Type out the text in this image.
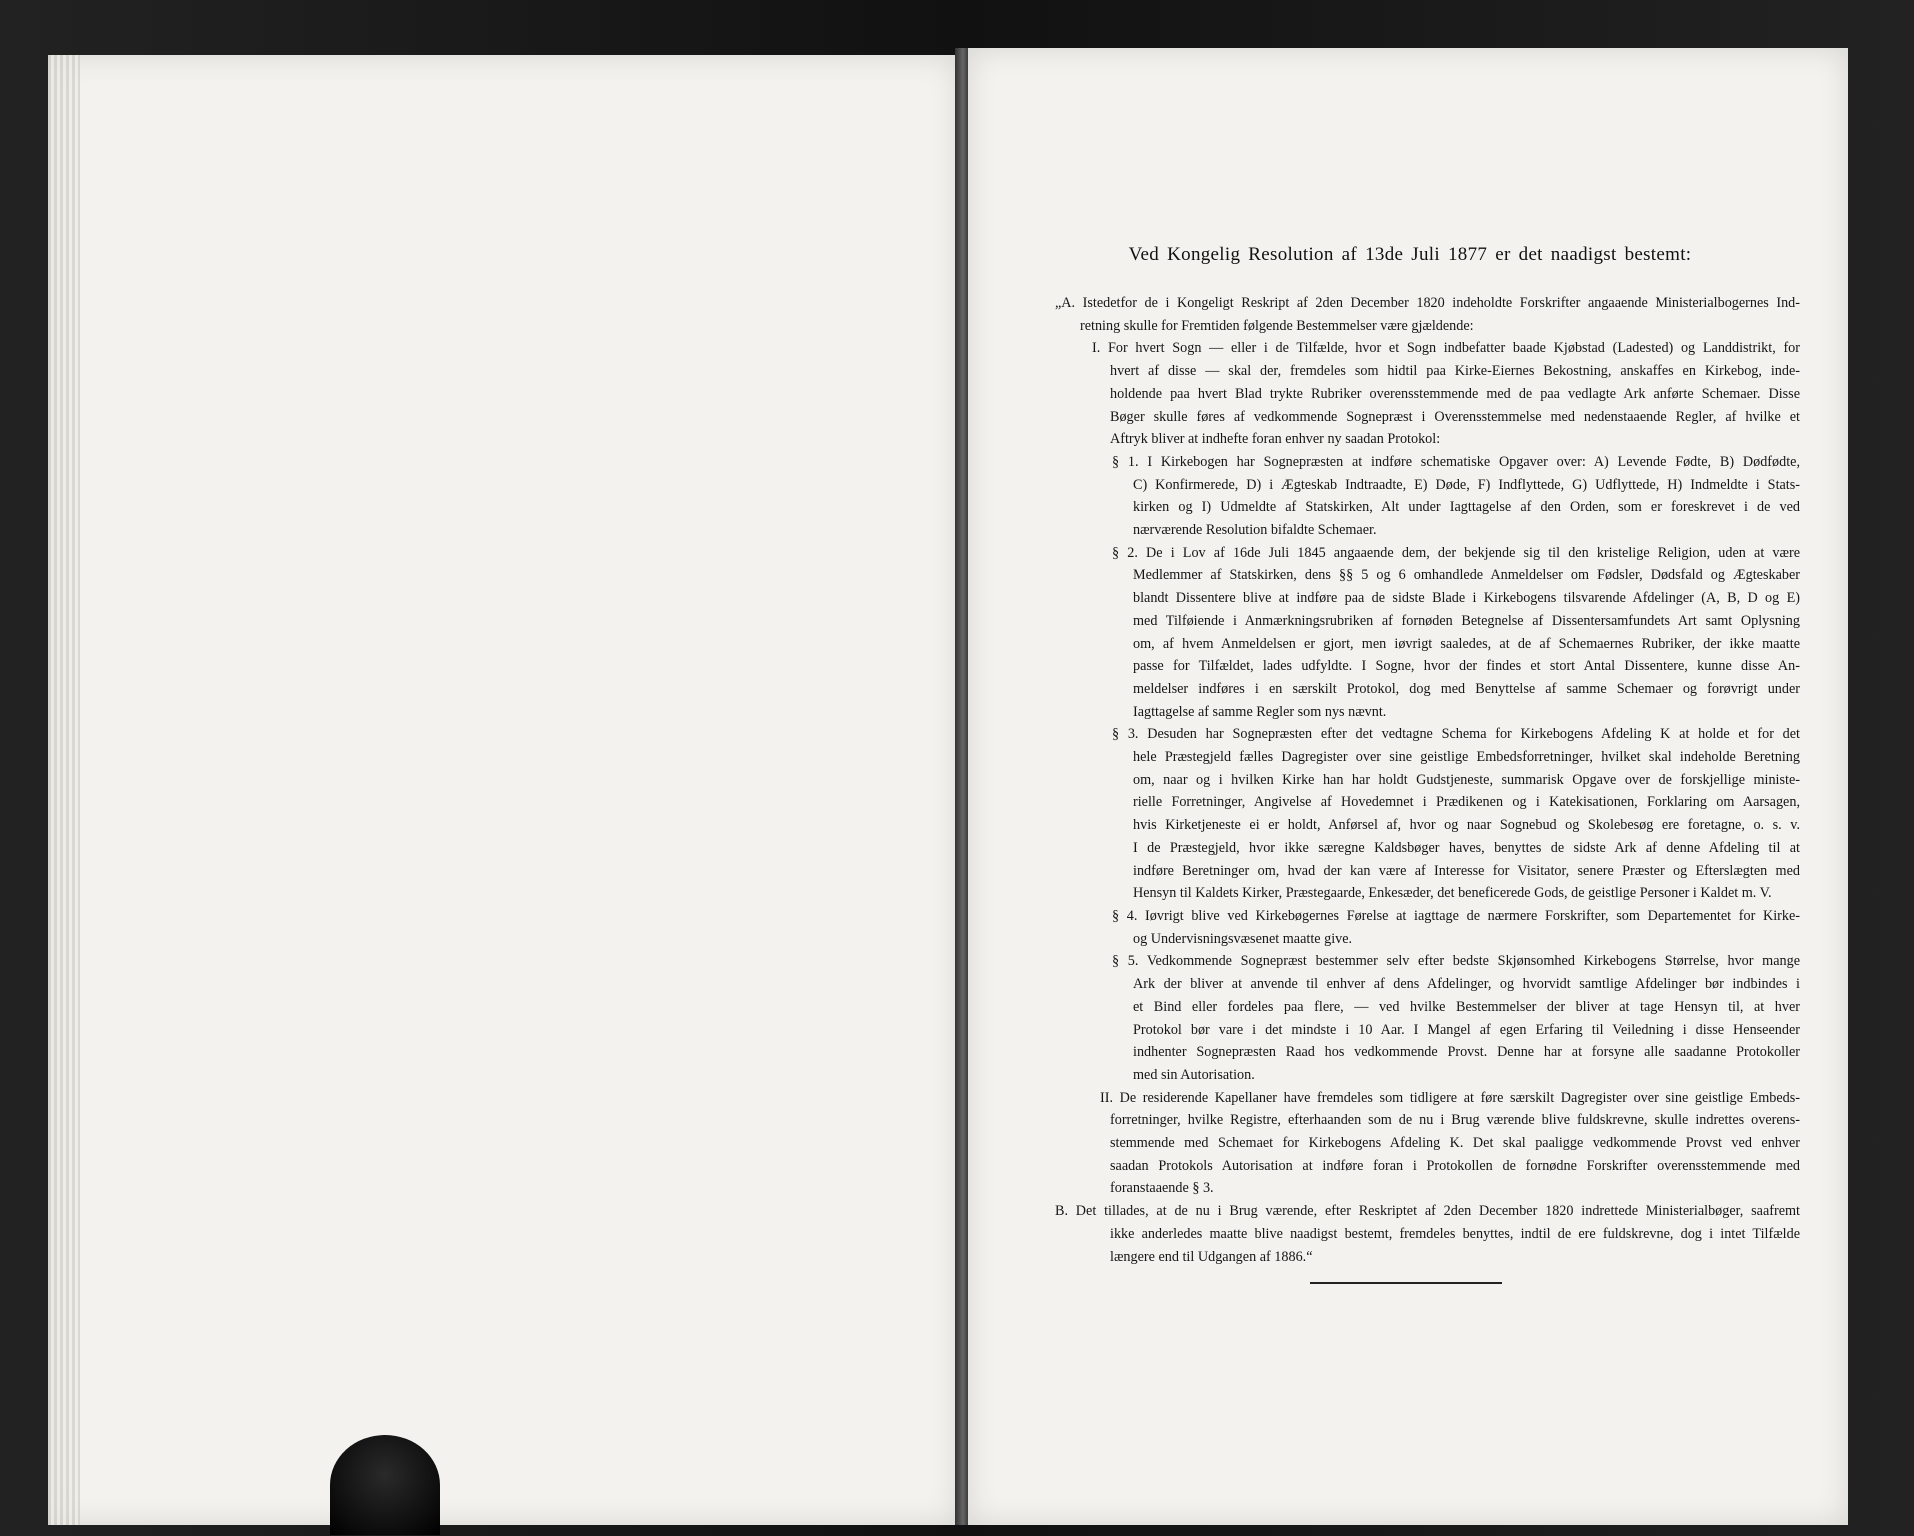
Ved Kongelig Resolution af 13de Juli 1877 er det naadigst bestemt:
„A. Istedetfor de i Kongeligt Reskript af 2den December 1820 indeholdte Forskrifter angaaende Ministerialbogernes Ind-
retning skulle for Fremtiden følgende Bestemmelser være gjældende:
I. For hvert Sogn — eller i de Tilfælde, hvor et Sogn indbefatter baade Kjøbstad (Ladested) og Landdistrikt, for
hvert af disse — skal der, fremdeles som hidtil paa Kirke-Eiernes Bekostning, anskaffes en Kirkebog, inde-
holdende paa hvert Blad trykte Rubriker overensstemmende med de paa vedlagte Ark anførte Schemaer. Disse
Bøger skulle føres af vedkommende Sognepræst i Overensstemmelse med nedenstaaende Regler, af hvilke et
Aftryk bliver at indhefte foran enhver ny saadan Protokol:
§ 1. I Kirkebogen har Sognepræsten at indføre schematiske Opgaver over: A) Levende Fødte, B) Dødfødte,
C) Konfirmerede, D) i Ægteskab Indtraadte, E) Døde, F) Indflyttede, G) Udflyttede, H) Indmeldte i Stats-
kirken og I) Udmeldte af Statskirken, Alt under Iagttagelse af den Orden, som er foreskrevet i de ved
nærværende Resolution bifaldte Schemaer.
§ 2. De i Lov af 16de Juli 1845 angaaende dem, der bekjende sig til den kristelige Religion, uden at være
Medlemmer af Statskirken, dens §§ 5 og 6 omhandlede Anmeldelser om Fødsler, Dødsfald og Ægteskaber
blandt Dissentere blive at indføre paa de sidste Blade i Kirkebogens tilsvarende Afdelinger (A, B, D og E)
med Tilføiende i Anmærkningsrubriken af fornøden Betegnelse af Dissentersamfundets Art samt Oplysning
om, af hvem Anmeldelsen er gjort, men iøvrigt saaledes, at de af Schemaernes Rubriker, der ikke maatte
passe for Tilfældet, lades udfyldte. I Sogne, hvor der findes et stort Antal Dissentere, kunne disse An-
meldelser indføres i en særskilt Protokol, dog med Benyttelse af samme Schemaer og forøvrigt under
Iagttagelse af samme Regler som nys nævnt.
§ 3. Desuden har Sognepræsten efter det vedtagne Schema for Kirkebogens Afdeling K at holde et for det
hele Præstegjeld fælles Dagregister over sine geistlige Embedsforretninger, hvilket skal indeholde Beretning
om, naar og i hvilken Kirke han har holdt Gudstjeneste, summarisk Opgave over de forskjellige ministe-
rielle Forretninger, Angivelse af Hovedemnet i Prædikenen og i Katekisationen, Forklaring om Aarsagen,
hvis Kirketjeneste ei er holdt, Anførsel af, hvor og naar Sognebud og Skolebesøg ere foretagne, o. s. v.
I de Præstegjeld, hvor ikke særegne Kaldsbøger haves, benyttes de sidste Ark af denne Afdeling til at
indføre Beretninger om, hvad der kan være af Interesse for Visitator, senere Præster og Efterslægten med
Hensyn til Kaldets Kirker, Præstegaarde, Enkesæder, det beneficerede Gods, de geistlige Personer i Kaldet m. V.
§ 4. Iøvrigt blive ved Kirkebøgernes Førelse at iagttage de nærmere Forskrifter, som Departementet for Kirke-
og Undervisningsvæsenet maatte give.
§ 5. Vedkommende Sognepræst bestemmer selv efter bedste Skjønsomhed Kirkebogens Størrelse, hvor mange
Ark der bliver at anvende til enhver af dens Afdelinger, og hvorvidt samtlige Afdelinger bør indbindes i
et Bind eller fordeles paa flere, — ved hvilke Bestemmelser der bliver at tage Hensyn til, at hver
Protokol bør vare i det mindste i 10 Aar. I Mangel af egen Erfaring til Veiledning i disse Henseender
indhenter Sognepræsten Raad hos vedkommende Provst. Denne har at forsyne alle saadanne Protokoller
med sin Autorisation.
II. De residerende Kapellaner have fremdeles som tidligere at føre særskilt Dagregister over sine geistlige Embeds-
forretninger, hvilke Registre, efterhaanden som de nu i Brug værende blive fuldskrevne, skulle indrettes overens-
stemmende med Schemaet for Kirkebogens Afdeling K. Det skal paaligge vedkommende Provst ved enhver
saadan Protokols Autorisation at indføre foran i Protokollen de fornødne Forskrifter overensstemmende med
foranstaaende § 3.
B. Det tillades, at de nu i Brug værende, efter Reskriptet af 2den December 1820 indrettede Ministerialbøger, saafremt
ikke anderledes maatte blive naadigst bestemt, fremdeles benyttes, indtil de ere fuldskrevne, dog i intet Tilfælde
længere end til Udgangen af 1886.“
